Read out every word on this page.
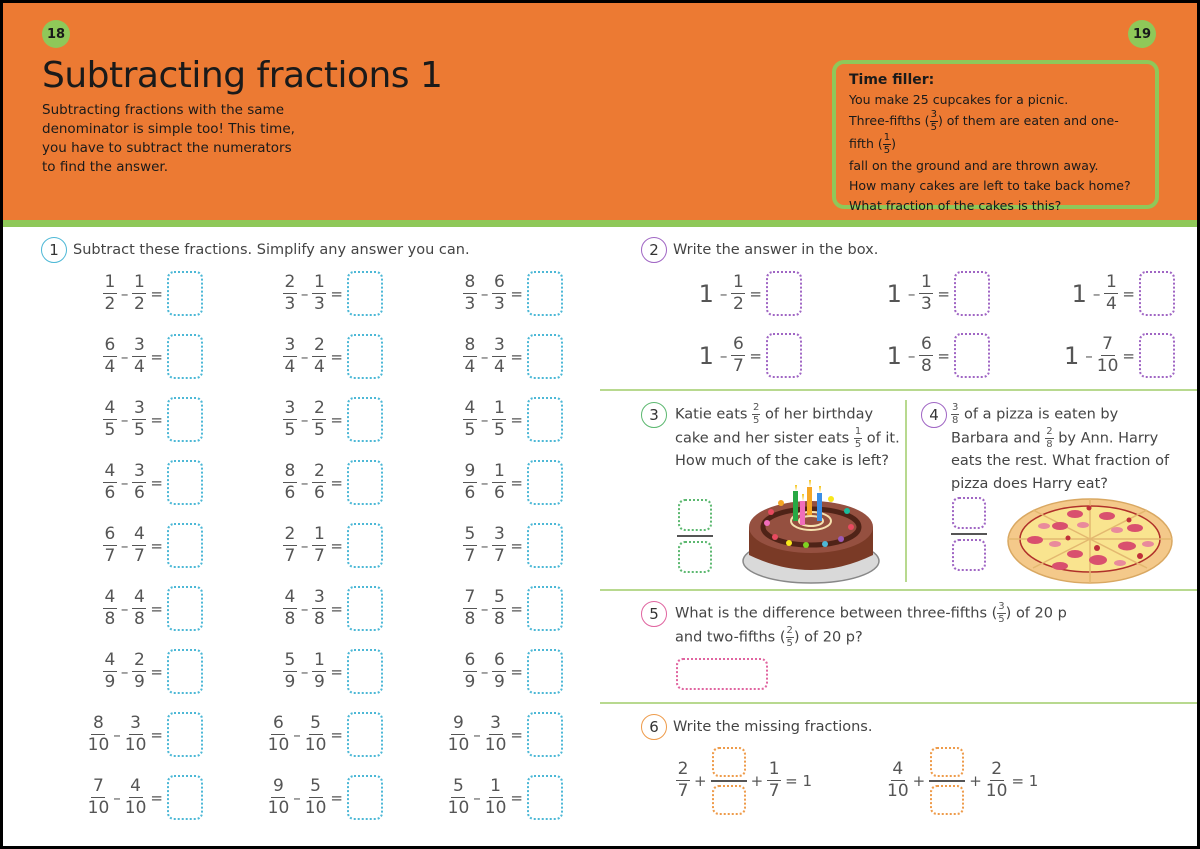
18	19
Subtracting fractions 1

Subtracting fractions with the same denominator is simple too! This time, you have to subtract the numerators to find the answer.

Time filler:
You make 25 cupcakes for a picnic.
Three-fifths ( $\frac{3}{5}$ ) of them are eaten and one-fifth ( $\frac{1}{5}$ )
fall on the ground and are thrown away.
How many cakes are left to take back home?
What fraction of the cakes is this?
1 Subtract these fractions. Simplify any answer you can.
$\frac{1}{2} - \frac{1}{2}$ =	$\frac{2}{3} - \frac{1}{3}$ =	$\frac{8}{3} - \frac{6}{3}$ =
$\frac{6}{4} - \frac{3}{4}$ =	$\frac{3}{4} - \frac{2}{4}$ =	$\frac{8}{4} - \frac{3}{4}$ =
$\frac{4}{5} - \frac{3}{5}$ =	$\frac{3}{5} - \frac{2}{5}$ =	$\frac{4}{5} - \frac{1}{5}$ =
$\frac{4}{6} - \frac{3}{6}$ =	$\frac{8}{6} - \frac{2}{6}$ =	$\frac{9}{6} - \frac{1}{6}$ =
$\frac{6}{7} - \frac{4}{7}$ =	$\frac{2}{7} - \frac{1}{7}$ =	$\frac{5}{7} - \frac{3}{7}$ =
$\frac{4}{8} - \frac{4}{8}$ =	$\frac{4}{8} - \frac{3}{8}$ =	$\frac{7}{8} - \frac{5}{8}$ =
$\frac{4}{9} - \frac{2}{9}$ =	$\frac{5}{9} - \frac{1}{9}$ =	$\frac{6}{9} - \frac{6}{9}$ =
$\frac{8}{10} - \frac{3}{10}$ =	$\frac{6}{10} - \frac{5}{10}$ =	$\frac{9}{10} - \frac{3}{10}$ =
$\frac{7}{10} - \frac{4}{10}$ =	$\frac{9}{10} - \frac{5}{10}$ =	$\frac{5}{10} - \frac{1}{10}$ =
2 Write the answer in the box.
$1 - \frac{1}{2}$ =	$1 - \frac{1}{3}$ =	$1 - \frac{1}{4}$ =
$1 - \frac{6}{7}$ =	$1 - \frac{6}{8}$ =	$1 - \frac{7}{10}$ =
3	Katie eats $\frac{2}{5}$ of her birthday
cake and her sister eats $\frac{1}{5}$ of it.
How much of the cake is left?
4	$\frac{3}{8}$ of a pizza is eaten by
Barbara and $\frac{2}{8}$ by Ann. Harry
eats the rest. What fraction of
pizza does Harry eat?
5	What is the difference between three-fifths ( $\frac{3}{5}$ ) of 20 p
and two-fifths ( $\frac{2}{5}$ ) of 20 p?
6 Write the missing fractions.
$\frac{2}{7}$ +	+ $\frac{1}{7} = 1$	$\frac{4}{10}$ +	+ $\frac{2}{10} = 1$
